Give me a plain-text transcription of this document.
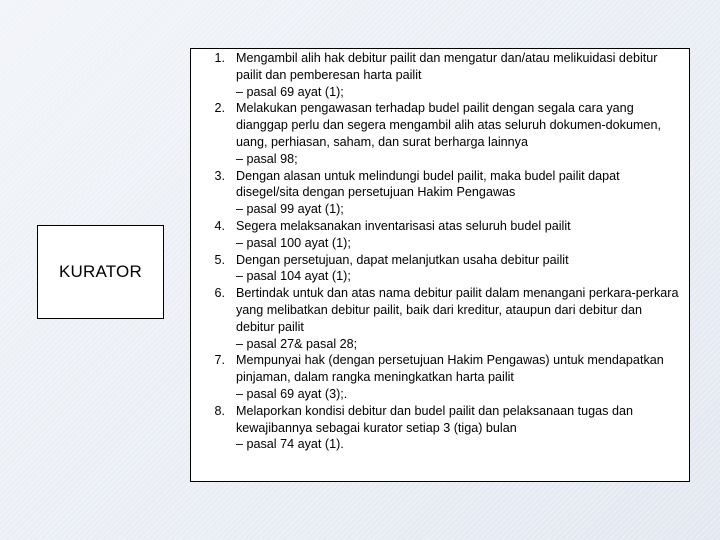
KURATOR
1. Mengambil alih hak debitur pailit dan mengatur dan/atau melikuidasi debitur pailit dan pemberesan harta pailit
– pasal 69 ayat (1);
2. Melakukan pengawasan terhadap budel pailit dengan segala cara yang dianggap perlu dan segera mengambil alih atas seluruh dokumen-dokumen, uang, perhiasan, saham, dan surat berharga lainnya
– pasal 98;
3. Dengan alasan untuk melindungi budel pailit, maka budel pailit dapat disegel/sita dengan persetujuan Hakim Pengawas
– pasal 99 ayat (1);
4. Segera melaksanakan inventarisasi atas seluruh budel pailit
– pasal 100 ayat (1);
5. Dengan persetujuan, dapat melanjutkan usaha debitur pailit
– pasal 104 ayat (1);
6. Bertindak untuk dan atas nama debitur pailit dalam menangani perkara-perkara yang melibatkan debitur pailit, baik dari kreditur, ataupun dari debitur dan debitur pailit
– pasal 27& pasal 28;
7. Mempunyai hak (dengan persetujuan Hakim Pengawas) untuk mendapatkan pinjaman, dalam rangka meningkatkan harta pailit
– pasal 69 ayat (3);.
8. Melaporkan kondisi debitur dan budel pailit dan pelaksanaan tugas dan kewajibannya sebagai kurator setiap 3 (tiga) bulan
– pasal 74 ayat (1).
